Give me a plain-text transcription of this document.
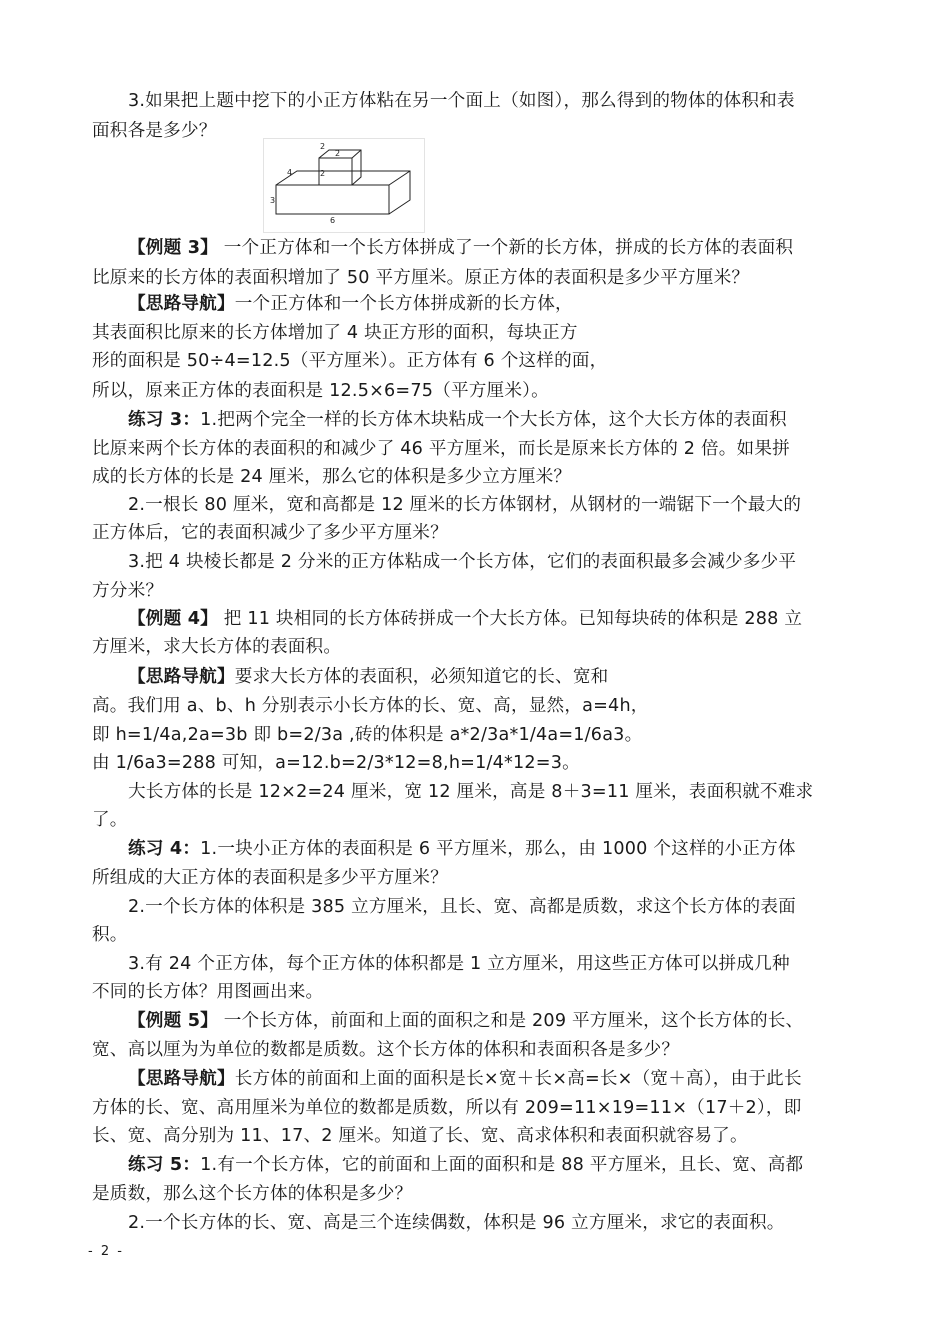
3.如果把上题中挖下的小正方体粘在另一个面上（如图），那么得到的物体的体积和表
面积各是多少？
2
2
2
4
3
6
【例题 3】 一个正方体和一个长方体拼成了一个新的长方体，拼成的长方体的表面积
比原来的长方体的表面积增加了 50 平方厘米。原正方体的表面积是多少平方厘米？
【思路导航】一个正方体和一个长方体拼成新的长方体，
其表面积比原来的长方体增加了 4 块正方形的面积，每块正方
形的面积是 50÷4=12.5（平方厘米）。正方体有 6 个这样的面，
所以，原来正方体的表面积是 12.5×6=75（平方厘米）。
练习 3：1.把两个完全一样的长方体木块粘成一个大长方体，这个大长方体的表面积
比原来两个长方体的表面积的和减少了 46 平方厘米，而长是原来长方体的 2 倍。如果拼
成的长方体的长是 24 厘米，那么它的体积是多少立方厘米？
2.一根长 80 厘米，宽和高都是 12 厘米的长方体钢材，从钢材的一端锯下一个最大的
正方体后，它的表面积减少了多少平方厘米？
3.把 4 块棱长都是 2 分米的正方体粘成一个长方体，它们的表面积最多会减少多少平
方分米？
【例题 4】 把 11 块相同的长方体砖拼成一个大长方体。已知每块砖的体积是 288 立
方厘米，求大长方体的表面积。
【思路导航】要求大长方体的表面积，必须知道它的长、宽和
高。我们用 a、b、h 分别表示小长方体的长、宽、高，显然，a=4h，
即 h=1/4a,2a=3b 即 b=2/3a ,砖的体积是 a*2/3a*1/4a=1/6a3。
由 1/6a3=288 可知，a=12.b=2/3*12=8,h=1/4*12=3。
大长方体的长是 12×2=24 厘米，宽 12 厘米，高是 8＋3=11 厘米，表面积就不难求
了。
练习 4：1.一块小正方体的表面积是 6 平方厘米，那么，由 1000 个这样的小正方体
所组成的大正方体的表面积是多少平方厘米？
2.一个长方体的体积是 385 立方厘米，且长、宽、高都是质数，求这个长方体的表面
积。
3.有 24 个正方体，每个正方体的体积都是 1 立方厘米，用这些正方体可以拼成几种
不同的长方体？用图画出来。
【例题 5】 一个长方体，前面和上面的面积之和是 209 平方厘米，这个长方体的长、
宽、高以厘为为单位的数都是质数。这个长方体的体积和表面积各是多少？
【思路导航】长方体的前面和上面的面积是长×宽＋长×高=长×（宽＋高），由于此长
方体的长、宽、高用厘米为单位的数都是质数，所以有 209=11×19=11×（17＋2），即
长、宽、高分别为 11、17、2 厘米。知道了长、宽、高求体积和表面积就容易了。
练习 5：1.有一个长方体，它的前面和上面的面积和是 88 平方厘米，且长、宽、高都
是质数，那么这个长方体的体积是多少？
2.一个长方体的长、宽、高是三个连续偶数，体积是 96 立方厘米，求它的表面积。
- 2 -
